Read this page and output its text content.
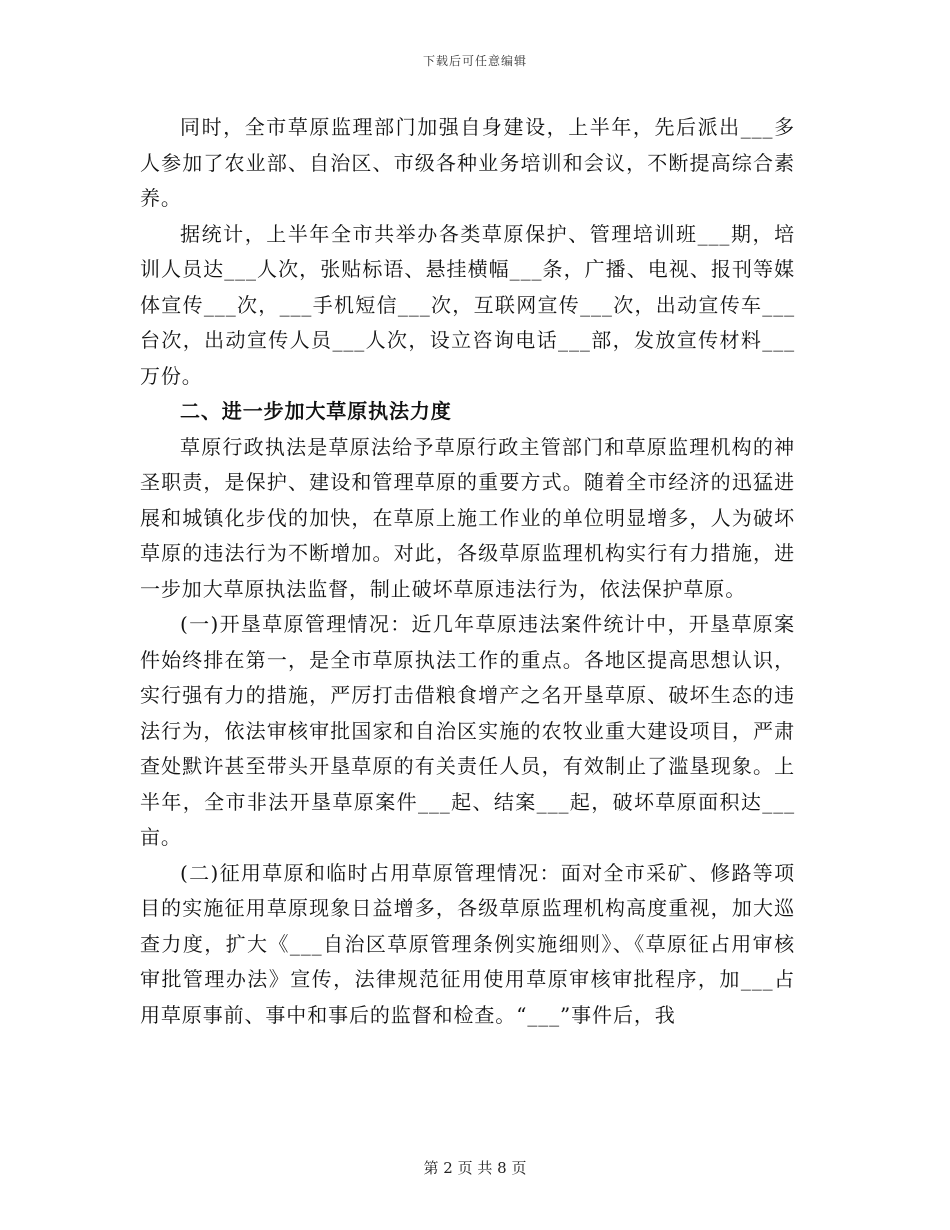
下载后可任意编辑

同时，全市草原监理部门加强自身建设，上半年，先后派出___多人参加了农业部、自治区、市级各种业务培训和会议，不断提高综合素养。

据统计，上半年全市共举办各类草原保护、管理培训班___期，培训人员达___人次，张贴标语、悬挂横幅___条，广播、电视、报刊等媒体宣传___次，___手机短信___次，互联网宣传___次，出动宣传车___台次，出动宣传人员___人次，设立咨询电话___部，发放宣传材料___万份。

二、进一步加大草原执法力度

草原行政执法是草原法给予草原行政主管部门和草原监理机构的神圣职责，是保护、建设和管理草原的重要方式。随着全市经济的迅猛进展和城镇化步伐的加快，在草原上施工作业的单位明显增多，人为破坏草原的违法行为不断增加。对此，各级草原监理机构实行有力措施，进一步加大草原执法监督，制止破坏草原违法行为，依法保护草原。

(一)开垦草原管理情况：近几年草原违法案件统计中，开垦草原案件始终排在第一，是全市草原执法工作的重点。各地区提高思想认识，实行强有力的措施，严厉打击借粮食增产之名开垦草原、破坏生态的违法行为，依法审核审批国家和自治区实施的农牧业重大建设项目，严肃查处默许甚至带头开垦草原的有关责任人员，有效制止了滥垦现象。上半年，全市非法开垦草原案件___起、结案___起，破坏草原面积达___亩。

(二)征用草原和临时占用草原管理情况：面对全市采矿、修路等项目的实施征用草原现象日益增多，各级草原监理机构高度重视，加大巡查力度，扩大《___自治区草原管理条例实施细则》、《草原征占用审核审批管理办法》宣传，法律规范征用使用草原审核审批程序，加___占用草原事前、事中和事后的监督和检查。“___”事件后，我

第 2 页 共 8 页
